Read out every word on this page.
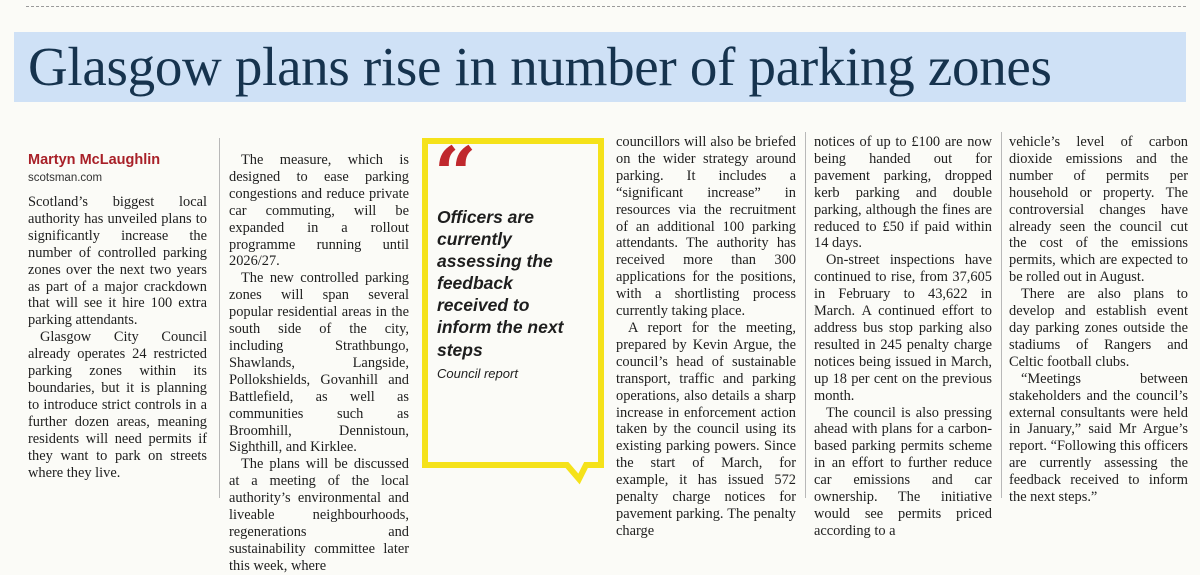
Glasgow plans rise in number of parking zones

Martyn McLaughlin

scotsman.com

Scotland’s biggest local authority has unveiled plans to significantly increase the number of controlled parking zones over the next two years as part of a major crackdown that will see it hire 100 extra parking attendants.

Glasgow City Council already operates 24 restricted parking zones within its boundaries, but it is planning to introduce strict controls in a further dozen areas, meaning residents will need permits if they want to park on streets where they live.

The measure, which is designed to ease parking congestions and reduce private car commuting, will be expanded in a rollout programme running until 2026/27.

The new controlled parking zones will span several popular residential areas in the south side of the city, including Strathbungo, Shawlands, Langside, Pollokshields, Govanhill and Battlefield, as well as communities such as Broomhill, Dennistoun, Sighthill, and Kirklee.

The plans will be discussed at a meeting of the local authority’s environmental and liveable neighbourhoods, regenerations and sustainability committee later this week, where

“

Officers are currently assessing the feedback received to inform the next steps

Council report

councillors will also be briefed on the wider strategy around parking. It includes a “significant increase” in resources via the recruitment of an additional 100 parking attendants. The authority has received more than 300 applications for the positions, with a shortlisting process currently taking place.

A report for the meeting, prepared by Kevin Argue, the council’s head of sustainable transport, traffic and parking operations, also details a sharp increase in enforcement action taken by the council using its existing parking powers. Since the start of March, for example, it has issued 572 penalty charge notices for pavement parking. The penalty charge

notices of up to £100 are now being handed out for pavement parking, dropped kerb parking and double parking, although the fines are reduced to £50 if paid within 14 days.

On-street inspections have continued to rise, from 37,605 in February to 43,622 in March. A continued effort to address bus stop parking also resulted in 245 penalty charge notices being issued in March, up 18 per cent on the previous month.

The council is also pressing ahead with plans for a carbon-based parking permits scheme in an effort to further reduce car emissions and car ownership. The initiative would see permits priced according to a

vehicle’s level of carbon dioxide emissions and the number of permits per household or property. The controversial changes have already seen the council cut the cost of the emissions permits, which are expected to be rolled out in August.

There are also plans to develop and establish event day parking zones outside the stadiums of Rangers and Celtic football clubs.

“Meetings between stakeholders and the council’s external consultants were held in January,” said Mr Argue’s report. “Following this officers are currently assessing the feedback received to inform the next steps.”
